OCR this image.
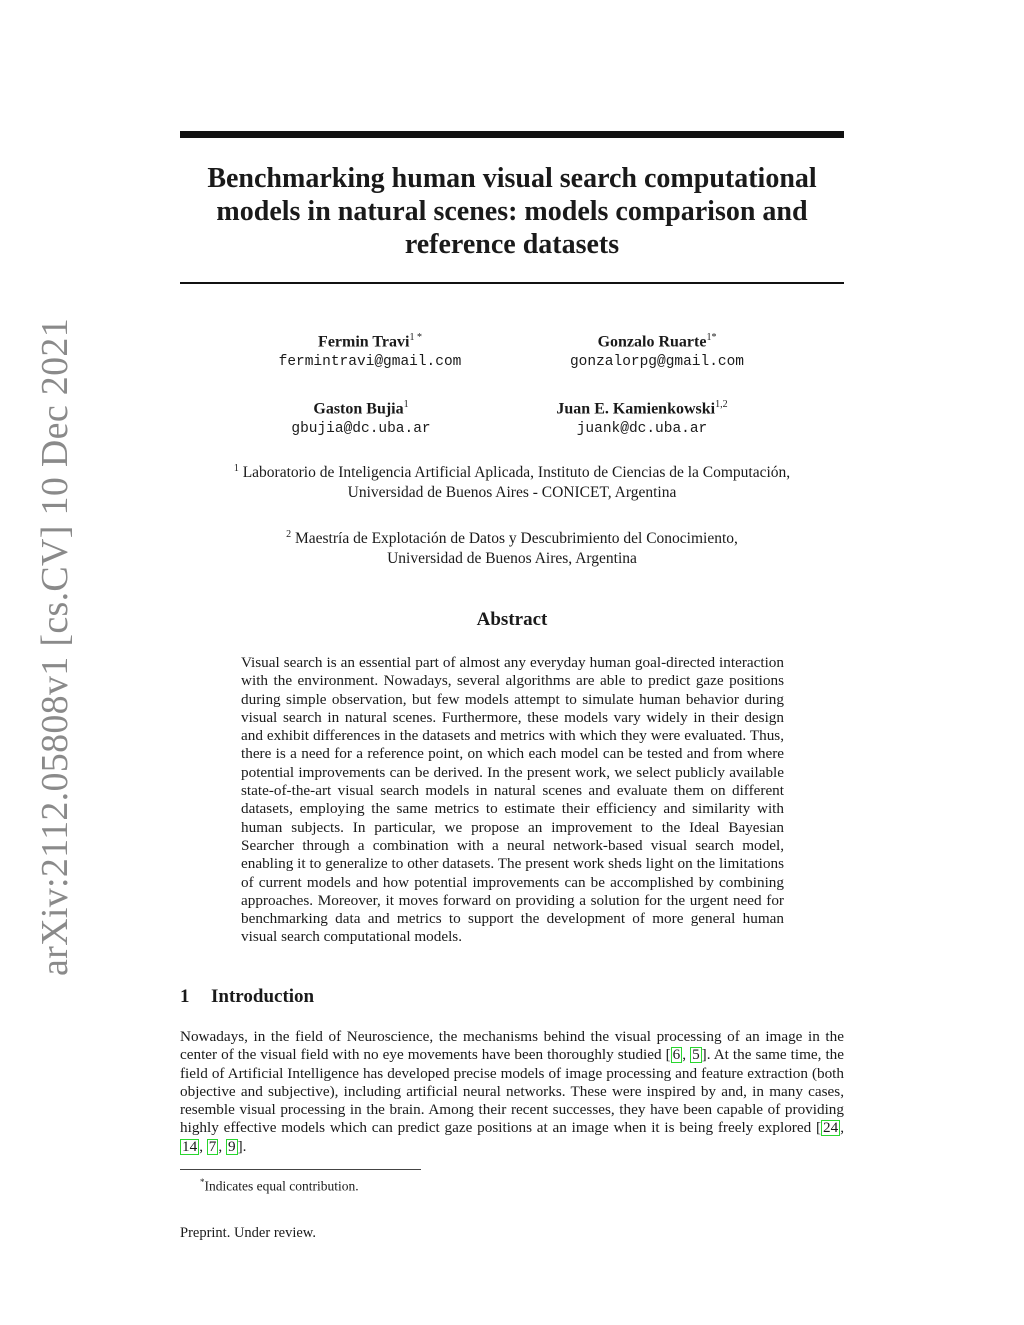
arXiv:2112.05808v1 [cs.CV] 10 Dec 2021
Benchmarking human visual search computational models in natural scenes: models comparison and reference datasets
Fermin Travi$^{1 *}$
fermintravi@gmail.com
Gonzalo Ruarte$^{1*}$
gonzalorpg@gmail.com
Gaston Bujia$^1$
gbujia@dc.uba.ar
Juan E. Kamienkowski$^{1,2}$
juank@dc.uba.ar
$^1$ Laboratorio de Inteligencia Artificial Aplicada, Instituto de Ciencias de la Computación,
Universidad de Buenos Aires - CONICET, Argentina
$^2$ Maestría de Explotación de Datos y Descubrimiento del Conocimiento,
Universidad de Buenos Aires, Argentina
Abstract
Visual search is an essential part of almost any everyday human goal-directed interaction with the environment. Nowadays, several algorithms are able to predict gaze positions during simple observation, but few models attempt to simulate human behavior during visual search in natural scenes. Furthermore, these models vary widely in their design and exhibit differences in the datasets and metrics with which they were evaluated. Thus, there is a need for a reference point, on which each model can be tested and from where potential improvements can be derived. In the present work, we select publicly available state-of-the-art visual search models in natural scenes and evaluate them on different datasets, employing the same metrics to estimate their efficiency and similarity with human subjects. In particular, we propose an improvement to the Ideal Bayesian Searcher through a combination with a neural network-based visual search model, enabling it to generalize to other datasets. The present work sheds light on the limitations of current models and how potential improvements can be accomplished by combining approaches. Moreover, it moves forward on providing a solution for the urgent need for benchmarking data and metrics to support the development of more general human visual search computational models.
1 Introduction
Nowadays, in the field of Neuroscience, the mechanisms behind the visual processing of an image in the center of the visual field with no eye movements have been thoroughly studied [ 6 , 5 ]. At the same time, the field of Artificial Intelligence has developed precise models of image processing and feature extraction (both objective and subjective), including artificial neural networks. These were inspired by and, in many cases, resemble visual processing in the brain. Among their recent successes, they have been capable of providing highly effective models which can predict gaze positions at an image when it is being freely explored [ 24 , 14 , 7 , 9 ].
*Indicates equal contribution.
Preprint. Under review.
